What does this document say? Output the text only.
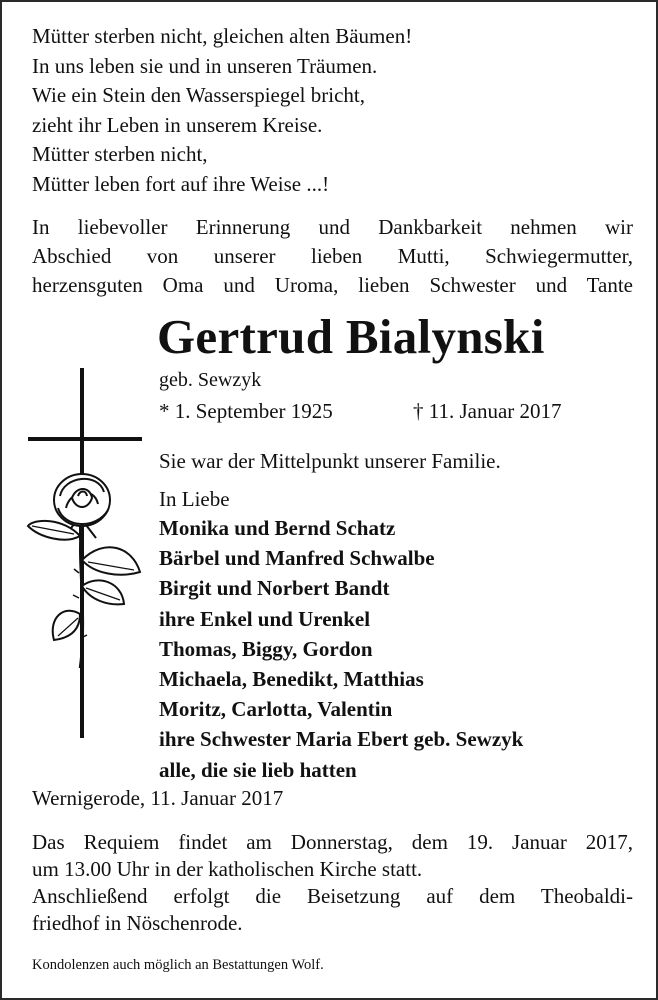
Mütter sterben nicht, gleichen alten Bäumen!
In uns leben sie und in unseren Träumen.
Wie ein Stein den Wasserspiegel bricht,
zieht ihr Leben in unserem Kreise.
Mütter sterben nicht,
Mütter leben fort auf ihre Weise ...!
In liebevoller Erinnerung und Dankbarkeit nehmen wir
Abschied von unserer lieben Mutti, Schwiegermutter,
herzensguten Oma und Uroma, lieben Schwester und Tante
Gertrud Bialynski
geb. Sewzyk
* 1. September 1925	† 11. Januar 2017
Sie war der Mittelpunkt unserer Familie.
In Liebe
Monika und Bernd Schatz
Bärbel und Manfred Schwalbe
Birgit und Norbert Bandt
ihre Enkel und Urenkel
Thomas, Biggy, Gordon
Michaela, Benedikt, Matthias
Moritz, Carlotta, Valentin
ihre Schwester Maria Ebert geb. Sewzyk
alle, die sie lieb hatten
Wernigerode, 11. Januar 2017
Das Requiem findet am Donnerstag, dem 19. Januar 2017,
um 13.00 Uhr in der katholischen Kirche statt.
Anschließend erfolgt die Beisetzung auf dem Theobaldi-
friedhof in Nöschenrode.
Kondolenzen auch möglich an Bestattungen Wolf.
